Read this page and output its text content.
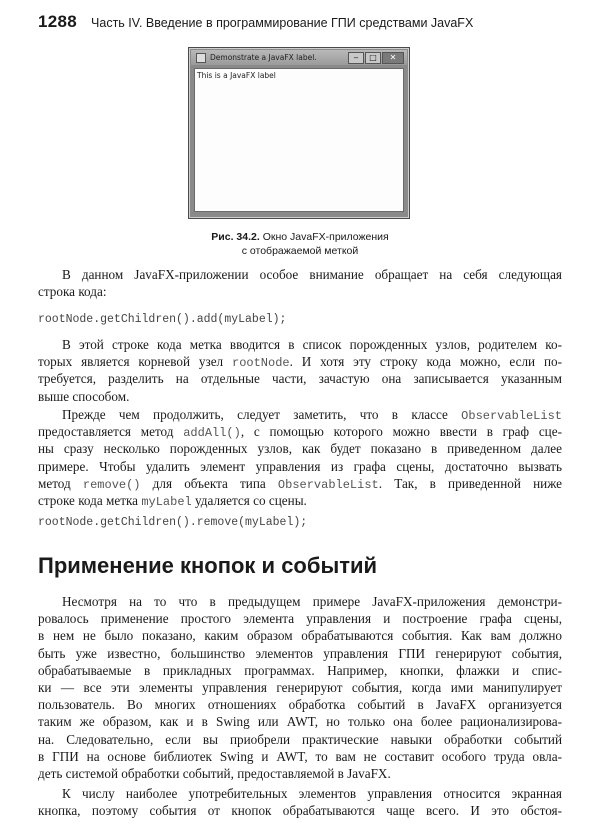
1288 Часть IV. Введение в программирование ГПИ средствами JavaFX
Demonstrate a JavaFX label.	‒	□	✕
This is a JavaFX label
Рис. 34.2. Окно JavaFX-приложения
с отображаемой меткой
В данном JavaFX-приложении особое внимание обращает на себя следующая
строка кода:
rootNode.getChildren().add(myLabel);
В этой строке кода метка вводится в список порожденных узлов, родителем ко-
торых является корневой узел rootNode. И хотя эту строку кода можно, если по-
требуется, разделить на отдельные части, зачастую она записывается указанным
выше способом.
Прежде чем продолжить, следует заметить, что в классе ObservableList
предоставляется метод addAll(), с помощью которого можно ввести в граф сце-
ны сразу несколько порожденных узлов, как будет показано в приведенном далее
примере. Чтобы удалить элемент управления из графа сцены, достаточно вызвать
метод remove() для объекта типа ObservableList. Так, в приведенной ниже
строке кода метка myLabel удаляется со сцены.
rootNode.getChildren().remove(myLabel);
Применение кнопок и событий
Несмотря на то что в предыдущем примере JavaFX-приложения демонстри-
ровалось применение простого элемента управления и построение графа сцены,
в нем не было показано, каким образом обрабатываются события. Как вам должно
быть уже известно, большинство элементов управления ГПИ генерируют события,
обрабатываемые в прикладных программах. Например, кнопки, флажки и спис-
ки — все эти элементы управления генерируют события, когда ими манипулирует
пользователь. Во многих отношениях обработка событий в JavaFX организуется
таким же образом, как и в Swing или AWT, но только она более рационализирова-
на. Следовательно, если вы приобрели практические навыки обработки событий
в ГПИ на основе библиотек Swing и AWT, то вам не составит особого труда овла-
деть системой обработки событий, предоставляемой в JavaFX.
К числу наиболее употребительных элементов управления относится экранная
кнопка, поэтому события от кнопок обрабатываются чаще всего. И это обстоя-
